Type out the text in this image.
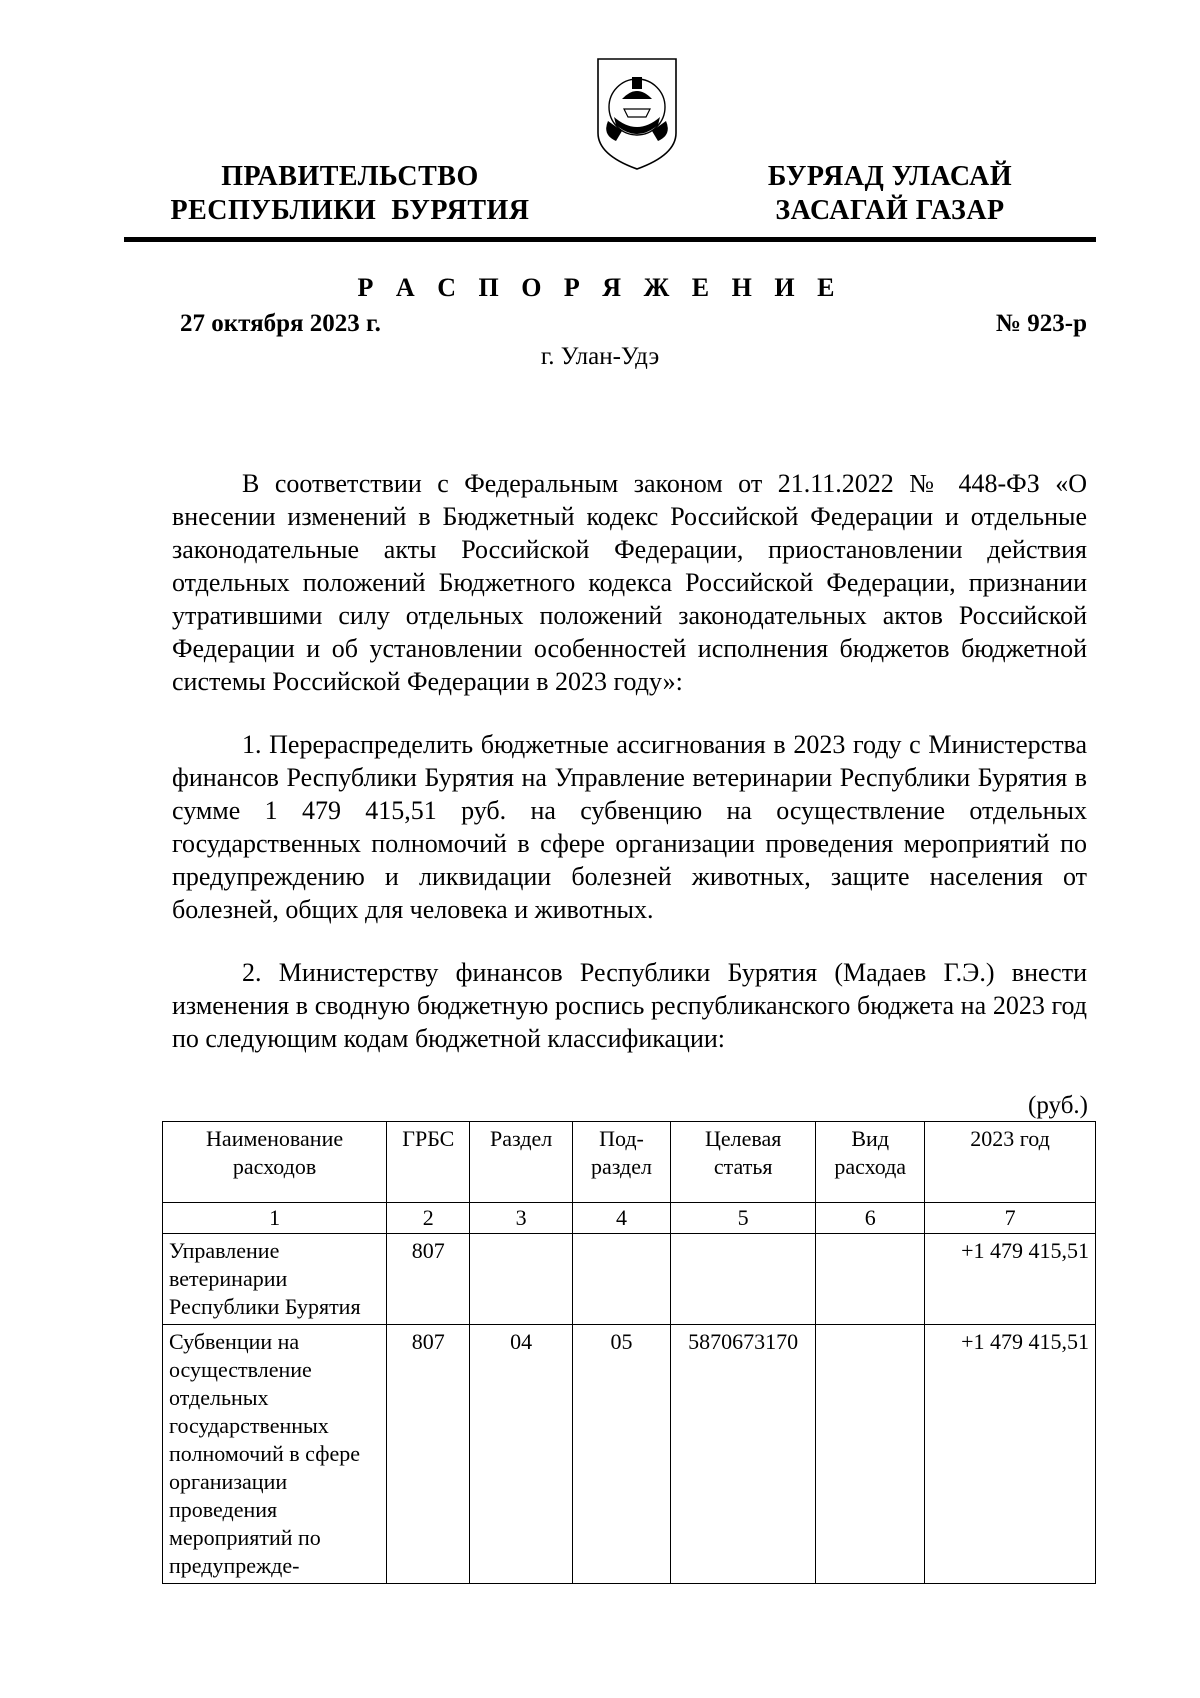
ПРАВИТЕЛЬСТВО
РЕСПУБЛИКИ  БУРЯТИЯ
БУРЯАД УЛАСАЙ
ЗАСАГАЙ ГАЗАР
Р А С П О Р Я Ж Е Н И Е
27 октября 2023 г.	№ 923-р
г. Улан-Удэ

В соответствии с Федеральным законом от 21.11.2022 № 448-ФЗ «О внесении изменений в Бюджетный кодекс Российской Федерации и отдельные законодательные акты Российской Федерации, приостановлении действия отдельных положений Бюджетного кодекса Российской Федерации, признании утратившими силу отдельных положений законодательных актов Российской Федерации и об установлении особенностей исполнения бюджетов бюджетной системы Российской Федерации в 2023 году»:

1. Перераспределить бюджетные ассигнования в 2023 году с Министерства финансов Республики Бурятия на Управление ветеринарии Республики Бурятия в сумме 1 479 415,51 руб. на субвенцию на осуществление отдельных государственных полномочий в сфере организации проведения мероприятий по предупреждению и ликвидации болезней животных, защите населения от болезней, общих для человека и животных.

2. Министерству финансов Республики Бурятия (Мадаев Г.Э.) внести изменения в сводную бюджетную роспись республиканского бюджета на 2023 год по следующим кодам бюджетной классификации:

(руб.)
Наименование расходов	ГРБС	Раздел	Под-раздел	Целевая статья	Вид расхода	2023 год
1	2	3	4	5	6	7
Управление ветеринарии Республики Бурятия	807					+1 479 415,51
Субвенции на осуществление отдельных государственных полномочий в сфере организации проведения мероприятий по предупрежде-	807	04	05	5870673170		+1 479 415,51
